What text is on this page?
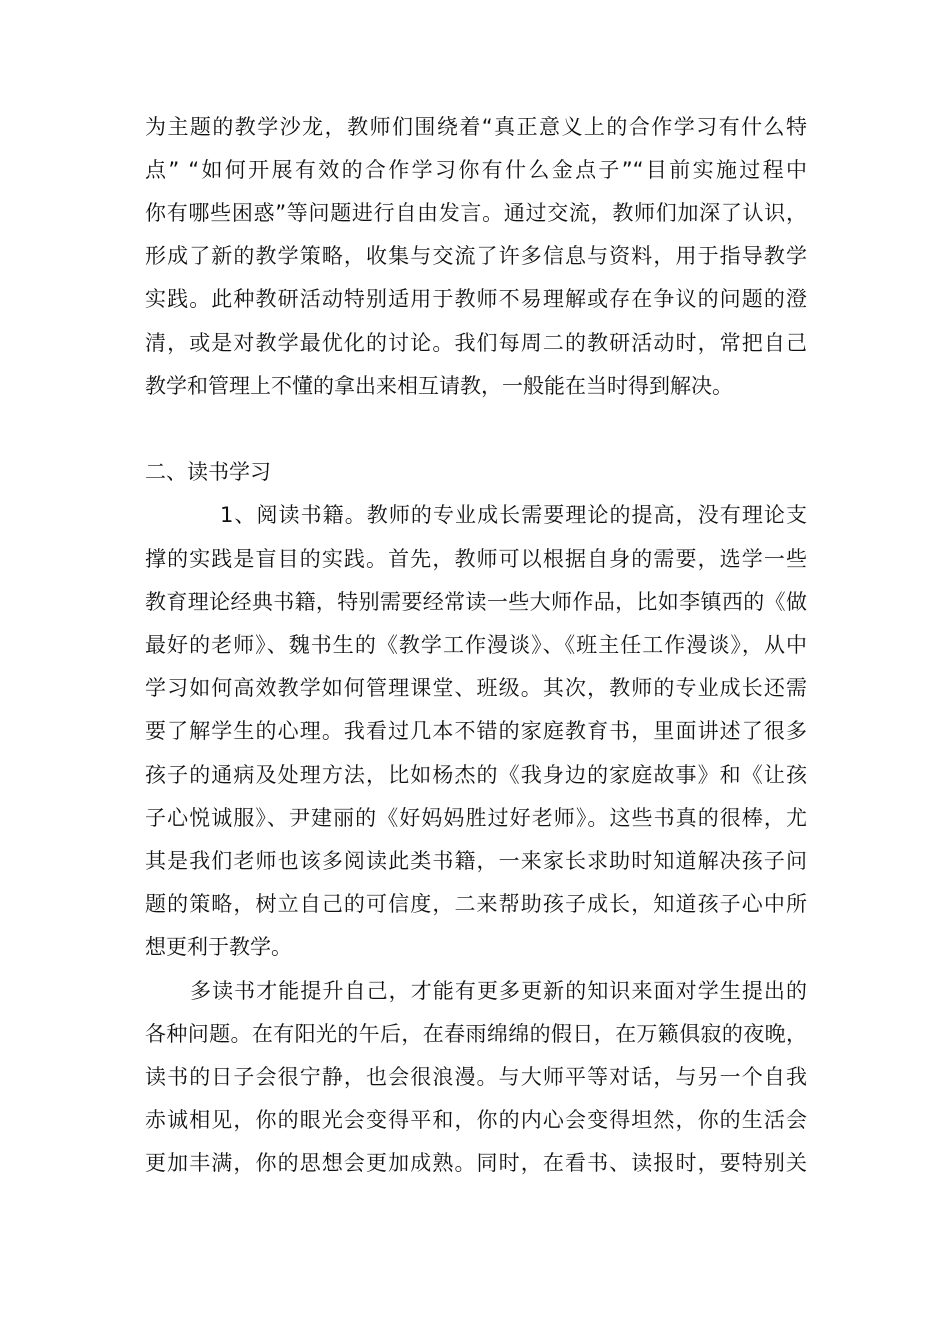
为主题的教学沙龙，教师们围绕着“真正意义上的合作学习有什么特
点” “如何开展有效的合作学习你有什么金点子”“目前实施过程中
你有哪些困惑”等问题进行自由发言。通过交流，教师们加深了认识，
形成了新的教学策略，收集与交流了许多信息与资料，用于指导教学
实践。此种教研活动特别适用于教师不易理解或存在争议的问题的澄
清，或是对教学最优化的讨论。我们每周二的教研活动时，常把自己
教学和管理上不懂的拿出来相互请教，一般能在当时得到解决。
二、读书学习
1、阅读书籍。教师的专业成长需要理论的提高，没有理论支
撑的实践是盲目的实践。首先，教师可以根据自身的需要，选学一些
教育理论经典书籍，特别需要经常读一些大师作品，比如李镇西的《做
最好的老师》、魏书生的《教学工作漫谈》、《班主任工作漫谈》，从中
学习如何高效教学如何管理课堂、班级。其次，教师的专业成长还需
要了解学生的心理。我看过几本不错的家庭教育书，里面讲述了很多
孩子的通病及处理方法，比如杨杰的《我身边的家庭故事》和《让孩
子心悦诚服》、尹建丽的《好妈妈胜过好老师》。这些书真的很棒，尤
其是我们老师也该多阅读此类书籍，一来家长求助时知道解决孩子问
题的策略，树立自己的可信度，二来帮助孩子成长，知道孩子心中所
想更利于教学。
多读书才能提升自己，才能有更多更新的知识来面对学生提出的
各种问题。在有阳光的午后，在春雨绵绵的假日，在万籁俱寂的夜晚，
读书的日子会很宁静，也会很浪漫。与大师平等对话，与另一个自我
赤诚相见，你的眼光会变得平和，你的内心会变得坦然，你的生活会
更加丰满，你的思想会更加成熟。同时，在看书、读报时，要特别关
